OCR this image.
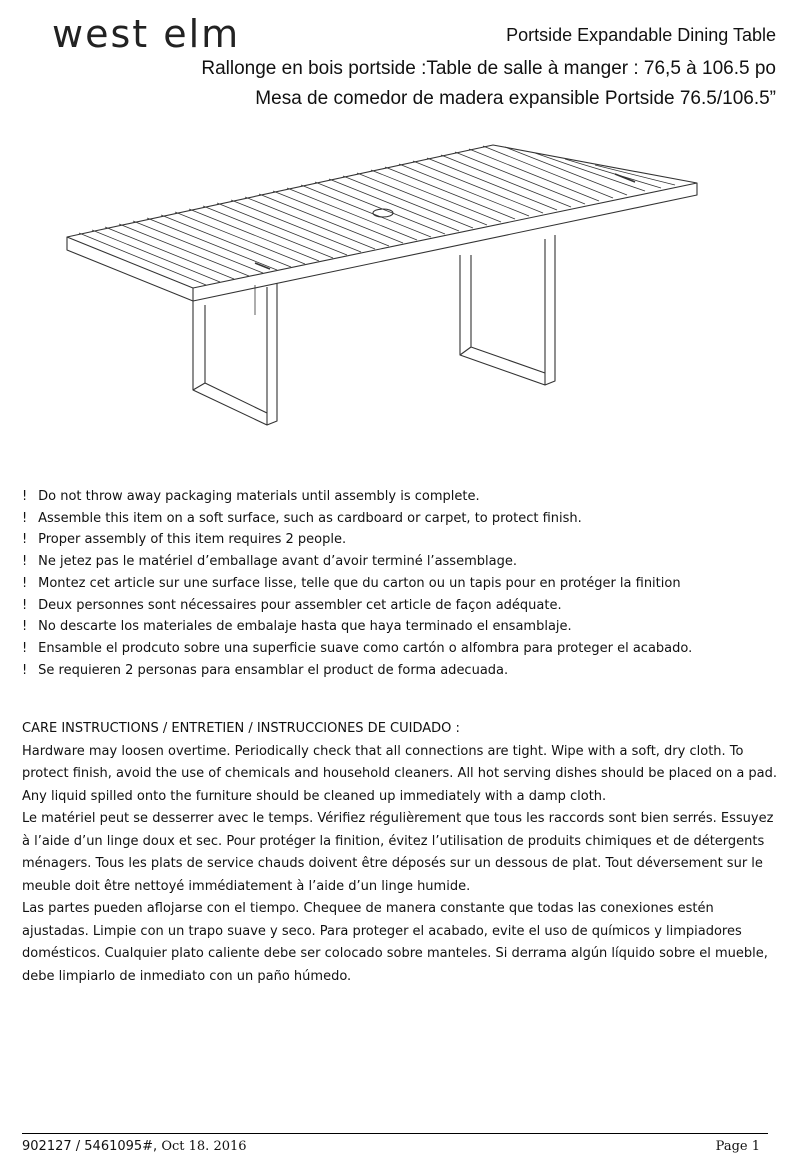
west elm	Portside Expandable Dining Table
Rallonge en bois portside :Table de salle à manger : 76,5 à 106.5 po
Mesa de comedor de madera expansible Portside 76.5/106.5”
! Do not throw away packaging materials until assembly is complete.
! Assemble this item on a soft surface, such as cardboard or carpet, to protect finish.
! Proper assembly of this item requires 2 people.
! Ne jetez pas le matériel d’emballage avant d’avoir terminé l’assemblage.
! Montez cet article sur une surface lisse, telle que du carton ou un tapis pour en protéger la finition
! Deux personnes sont nécessaires pour assembler cet article de façon adéquate.
! No descarte los materiales de embalaje hasta que haya terminado el ensamblaje.
! Ensamble el prodcuto sobre una superficie suave como cartón o alfombra para proteger el acabado.
! Se requieren 2 personas para ensamblar el product de forma adecuada.

CARE INSTRUCTIONS / ENTRETIEN / INSTRUCCIONES DE CUIDADO :

Hardware may loosen overtime. Periodically check that all connections are tight. Wipe with a soft, dry cloth. To protect finish, avoid the use of chemicals and household cleaners. All hot serving dishes should be placed on a pad. Any liquid spilled onto the furniture should be cleaned up immediately with a damp cloth.

Le matériel peut se desserrer avec le temps. Vérifiez régulièrement que tous les raccords sont bien serrés. Essuyez à l’aide d’un linge doux et sec. Pour protéger la finition, évitez l’utilisation de produits chimiques et de détergents ménagers. Tous les plats de service chauds doivent être déposés sur un dessous de plat. Tout déversement sur le meuble doit être nettoyé immédiatement à l’aide d’un linge humide.

Las partes pueden aflojarse con el tiempo. Chequee de manera constante que todas las conexiones estén ajustadas. Limpie con un trapo suave y seco. Para proteger el acabado, evite el uso de químicos y limpiadores domésticos. Cualquier plato caliente debe ser colocado sobre manteles. Si derrama algún líquido sobre el mueble, debe limpiarlo de inmediato con un paño húmedo.

902127 / 5461095#, Oct 18. 2016	Page 1
